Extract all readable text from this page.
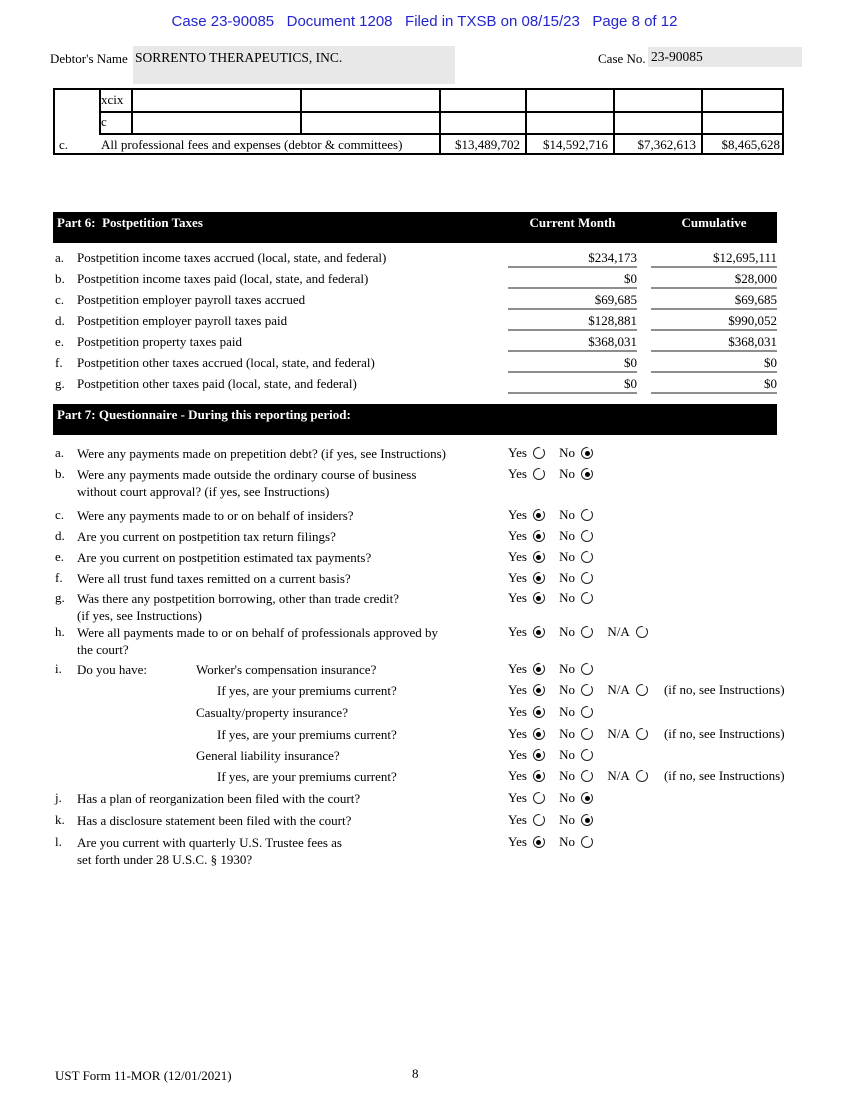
Case 23-90085   Document 1208   Filed in TXSB on 08/15/23   Page 8 of 12
Debtor's Name SORRENTO THERAPEUTICS, INC.	Case No. 23-90085
xcix
c
c.	All professional fees and expenses (debtor & committees)	$13,489,702	$14,592,716	$7,362,613	$8,465,628
Part 6:  Postpetition Taxes	Current Month	Cumulative
a. Postpetition income taxes accrued (local, state, and federal)	$234,173	$12,695,111
b. Postpetition income taxes paid (local, state, and federal)	$0	$28,000
c. Postpetition employer payroll taxes accrued	$69,685	$69,685
d. Postpetition employer payroll taxes paid	$128,881	$990,052
e. Postpetition property taxes paid	$368,031	$368,031
f. Postpetition other taxes accrued (local, state, and federal)	$0	$0
g. Postpetition other taxes paid (local, state, and federal)	$0	$0
Part 7: Questionnaire - During this reporting period:
a. Were any payments made on prepetition debt? (if yes, see Instructions)	Yes No
b. Were any payments made outside the ordinary course of business
without court approval? (if yes, see Instructions)
Yes No
c. Were any payments made to or on behalf of insiders?	Yes No
d. Are you current on postpetition tax return filings?	Yes No
e. Are you current on postpetition estimated tax payments?	Yes No
f. Were all trust fund taxes remitted on a current basis?	Yes No
g. Was there any postpetition borrowing, other than trade credit?
(if yes, see Instructions)
Yes No
h. Were all payments made to or on behalf of professionals approved by
the court?
Yes No N/A
i. Do you have:	Worker's compensation insurance?	Yes No
If yes, are your premiums current?	Yes No N/A	(if no, see Instructions)
Casualty/property insurance?	Yes No
If yes, are your premiums current?	Yes No N/A	(if no, see Instructions)
General liability insurance?	Yes No
If yes, are your premiums current?	Yes No N/A	(if no, see Instructions)
j. Has a plan of reorganization been filed with the court?	Yes No
k. Has a disclosure statement been filed with the court?	Yes No
l. Are you current with quarterly U.S. Trustee fees as
set forth under 28 U.S.C. § 1930?
Yes No
UST Form 11-MOR (12/01/2021)	8
